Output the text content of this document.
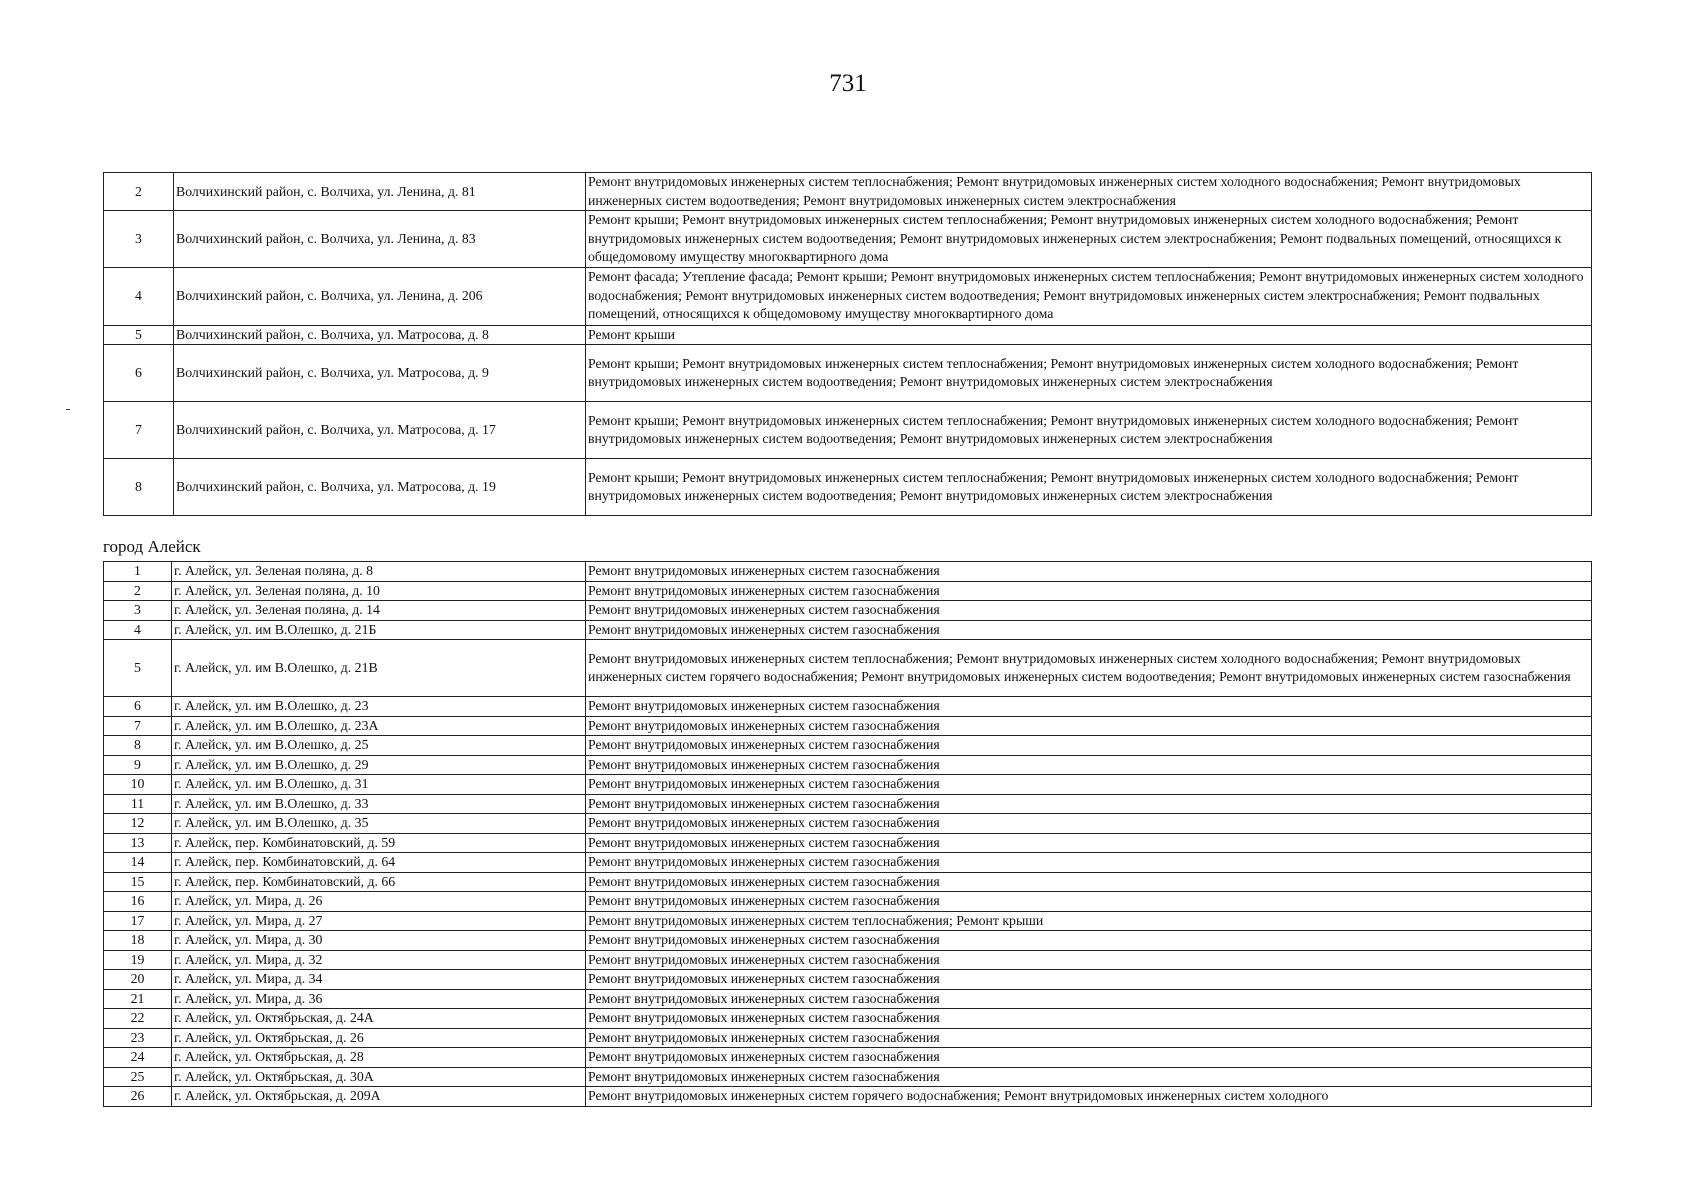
731
2	Волчихинский район, с. Волчиха, ул. Ленина, д. 81	Ремонт внутридомовых инженерных систем теплоснабжения; Ремонт внутридомовых инженерных систем холодного водоснабжения; Ремонт внутридомовых инженерных систем водоотведения; Ремонт внутридомовых инженерных систем электроснабжения
3	Волчихинский район, с. Волчиха, ул. Ленина, д. 83	Ремонт крыши; Ремонт внутридомовых инженерных систем теплоснабжения; Ремонт внутридомовых инженерных систем холодного водоснабжения; Ремонт внутридомовых инженерных систем водоотведения; Ремонт внутридомовых инженерных систем электроснабжения; Ремонт подвальных помещений, относящихся к общедомовому имуществу многоквартирного дома
4	Волчихинский район, с. Волчиха, ул. Ленина, д. 206	Ремонт фасада; Утепление фасада; Ремонт крыши; Ремонт внутридомовых инженерных систем теплоснабжения; Ремонт внутридомовых инженерных систем холодного водоснабжения; Ремонт внутридомовых инженерных систем водоотведения; Ремонт внутридомовых инженерных систем электроснабжения; Ремонт подвальных помещений, относящихся к общедомовому имуществу многоквартирного дома
5	Волчихинский район, с. Волчиха, ул. Матросова, д. 8	Ремонт крыши
6	Волчихинский район, с. Волчиха, ул. Матросова, д. 9	Ремонт крыши; Ремонт внутридомовых инженерных систем теплоснабжения; Ремонт внутридомовых инженерных систем холодного водоснабжения; Ремонт внутридомовых инженерных систем водоотведения; Ремонт внутридомовых инженерных систем электроснабжения
7	Волчихинский район, с. Волчиха, ул. Матросова, д. 17	Ремонт крыши; Ремонт внутридомовых инженерных систем теплоснабжения; Ремонт внутридомовых инженерных систем холодного водоснабжения; Ремонт внутридомовых инженерных систем водоотведения; Ремонт внутридомовых инженерных систем электроснабжения
8	Волчихинский район, с. Волчиха, ул. Матросова, д. 19	Ремонт крыши; Ремонт внутридомовых инженерных систем теплоснабжения; Ремонт внутридомовых инженерных систем холодного водоснабжения; Ремонт внутридомовых инженерных систем водоотведения; Ремонт внутридомовых инженерных систем электроснабжения
город Алейск
1	г. Алейск, ул. Зеленая поляна, д. 8	Ремонт внутридомовых инженерных систем газоснабжения
2	г. Алейск, ул. Зеленая поляна, д. 10	Ремонт внутридомовых инженерных систем газоснабжения
3	г. Алейск, ул. Зеленая поляна, д. 14	Ремонт внутридомовых инженерных систем газоснабжения
4	г. Алейск, ул. им В.Олешко, д. 21Б	Ремонт внутридомовых инженерных систем газоснабжения
5	г. Алейск, ул. им В.Олешко, д. 21В	Ремонт внутридомовых инженерных систем теплоснабжения; Ремонт внутридомовых инженерных систем холодного водоснабжения; Ремонт внутридомовых инженерных систем горячего водоснабжения; Ремонт внутридомовых инженерных систем водоотведения; Ремонт внутридомовых инженерных систем газоснабжения
6	г. Алейск, ул. им В.Олешко, д. 23	Ремонт внутридомовых инженерных систем газоснабжения
7	г. Алейск, ул. им В.Олешко, д. 23А	Ремонт внутридомовых инженерных систем газоснабжения
8	г. Алейск, ул. им В.Олешко, д. 25	Ремонт внутридомовых инженерных систем газоснабжения
9	г. Алейск, ул. им В.Олешко, д. 29	Ремонт внутридомовых инженерных систем газоснабжения
10	г. Алейск, ул. им В.Олешко, д. 31	Ремонт внутридомовых инженерных систем газоснабжения
11	г. Алейск, ул. им В.Олешко, д. 33	Ремонт внутридомовых инженерных систем газоснабжения
12	г. Алейск, ул. им В.Олешко, д. 35	Ремонт внутридомовых инженерных систем газоснабжения
13	г. Алейск, пер. Комбинатовский, д. 59	Ремонт внутридомовых инженерных систем газоснабжения
14	г. Алейск, пер. Комбинатовский, д. 64	Ремонт внутридомовых инженерных систем газоснабжения
15	г. Алейск, пер. Комбинатовский, д. 66	Ремонт внутридомовых инженерных систем газоснабжения
16	г. Алейск, ул. Мира, д. 26	Ремонт внутридомовых инженерных систем газоснабжения
17	г. Алейск, ул. Мира, д. 27	Ремонт внутридомовых инженерных систем теплоснабжения; Ремонт крыши
18	г. Алейск, ул. Мира, д. 30	Ремонт внутридомовых инженерных систем газоснабжения
19	г. Алейск, ул. Мира, д. 32	Ремонт внутридомовых инженерных систем газоснабжения
20	г. Алейск, ул. Мира, д. 34	Ремонт внутридомовых инженерных систем газоснабжения
21	г. Алейск, ул. Мира, д. 36	Ремонт внутридомовых инженерных систем газоснабжения
22	г. Алейск, ул. Октябрьская, д. 24А	Ремонт внутридомовых инженерных систем газоснабжения
23	г. Алейск, ул. Октябрьская, д. 26	Ремонт внутридомовых инженерных систем газоснабжения
24	г. Алейск, ул. Октябрьская, д. 28	Ремонт внутридомовых инженерных систем газоснабжения
25	г. Алейск, ул. Октябрьская, д. 30А	Ремонт внутридомовых инженерных систем газоснабжения
26	г. Алейск, ул. Октябрьская, д. 209А	Ремонт внутридомовых инженерных систем горячего водоснабжения; Ремонт внутридомовых инженерных систем холодного
